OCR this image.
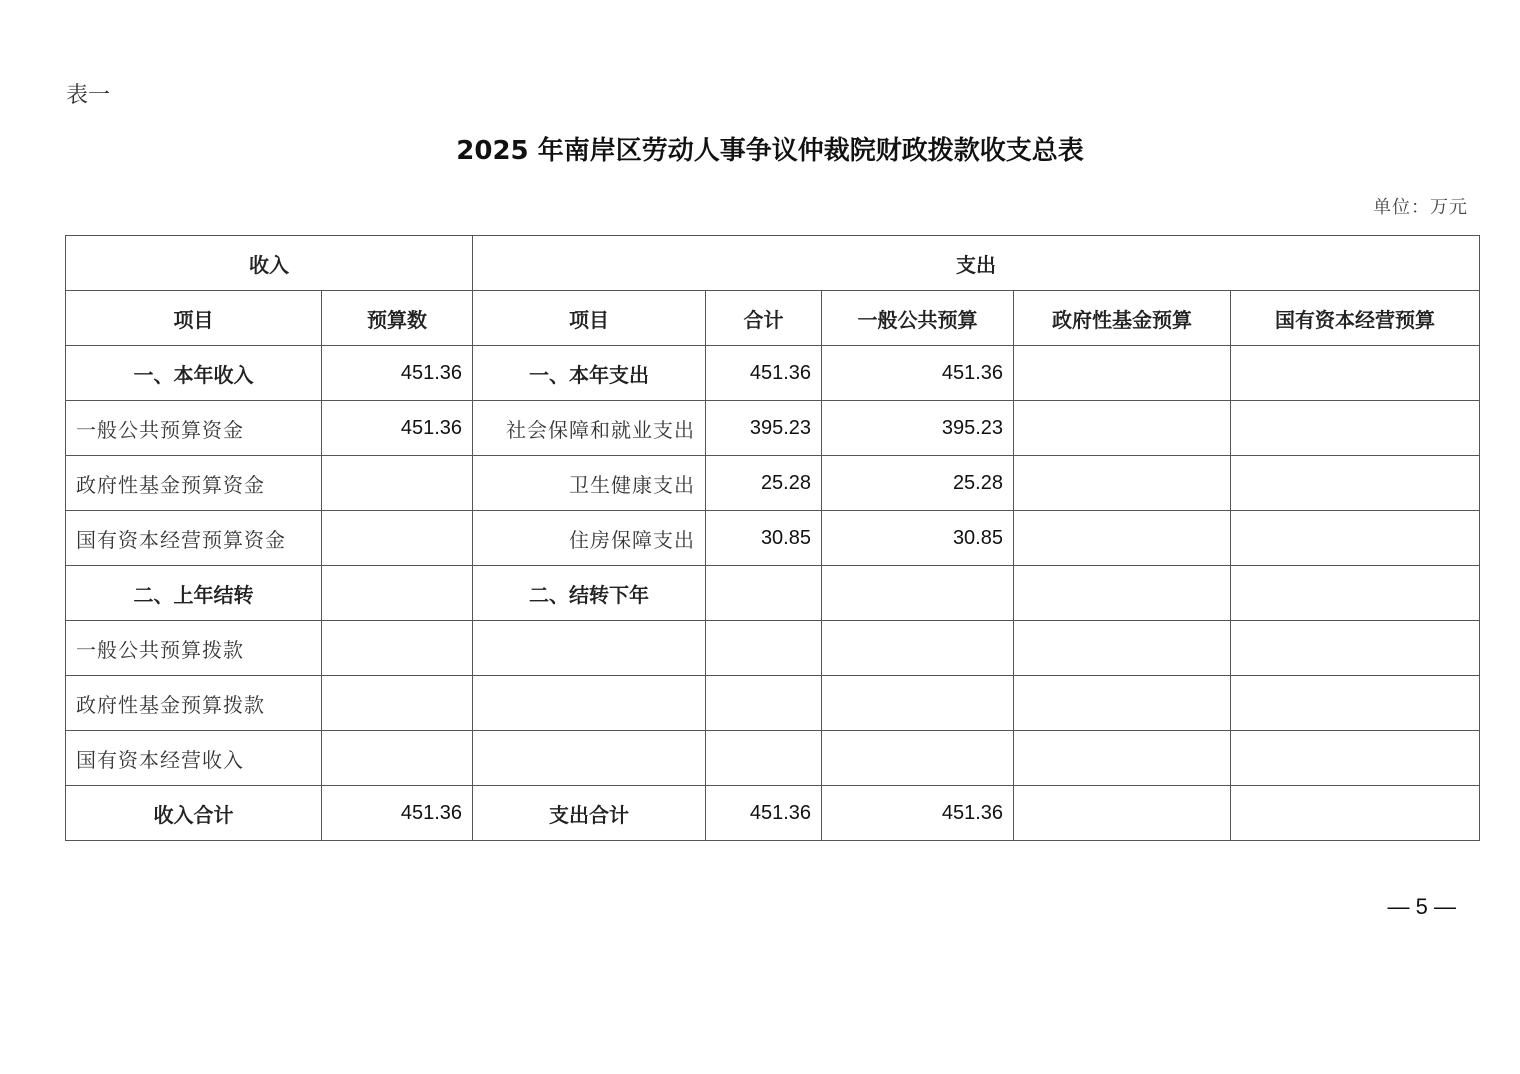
表一
2025 年南岸区劳动人事争议仲裁院财政拨款收支总表
单位：万元
收入		支出				
项目	预算数	项目	合计	一般公共预算	政府性基金预算	国有资本经营预算
一、本年收入	451.36	一、本年支出	451.36	451.36		
一般公共预算资金	451.36	社会保障和就业支出	395.23	395.23		
政府性基金预算资金		卫生健康支出	25.28	25.28		
国有资本经营预算资金		住房保障支出	30.85	30.85		
二、上年结转		二、结转下年				
一般公共预算拨款						
政府性基金预算拨款						
国有资本经营收入						
收入合计	451.36	支出合计	451.36	451.36		
— 5 —
